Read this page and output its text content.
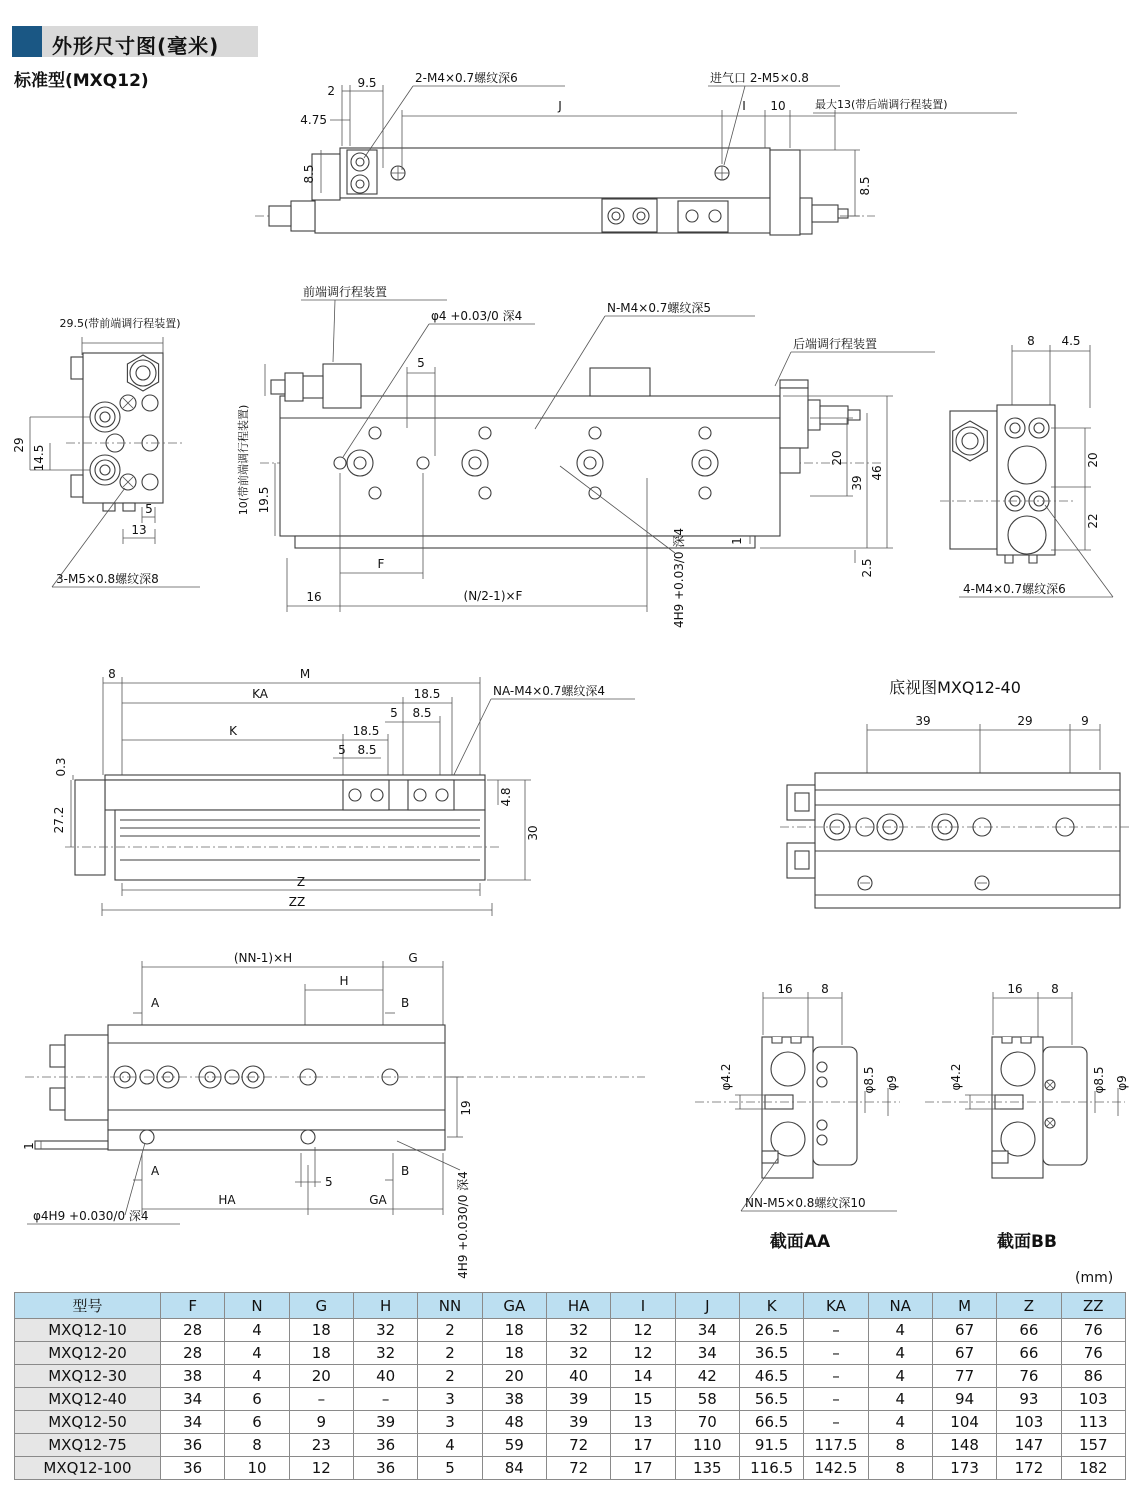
外形尺寸图(毫米)
标准型(MXQ12)	2
9.5
4.75
2-M4×0.7螺纹深6
J
进气口 2-M5×0.8
I 10	最大13(带后端调行程装置)
8.5
8.5
29.5(带前端调行程装置)
29 14.5
5
13
3-M5×0.8螺纹深8
前端调行程装置
φ4 +0.03/0 深4
5
N-M4×0.7螺纹深5
后端调行程装置
10(带前端调行程装置) 19.5
20
39
46
1
2.5
F
16	(N/2-1)×F	4H9 +0.03/0 深4
8 4.5
20
22
4-M4×0.7螺纹深6
8	M
KA	18.5
5 8.5
K	18.5
5 8.5
NA-M4×0.7螺纹深4
4.8
30
0.3
27.2
Z
ZZ
底视图MXQ12-40
39	29	9
(NN-1)×H	G
H
A	B
1
19
A
5
B
HA	GA
φ4H9 +0.030/0 深4	4H9 +0.030/0 深4
16 8
φ4.2	φ8.5 φ9
NN-M5×0.8螺纹深10
截面AA
16 8
φ4.2	φ8.5 φ9
截面BB
(mm)
型号	F	N	G	H	NN	GA	HA	I	J	K	KA	NA	M	Z	ZZ
MXQ12-10	28	4	18	32	2	18	32	12	34	26.5	–	4	67	66	76
MXQ12-20	28	4	18	32	2	18	32	12	34	36.5	–	4	67	66	76
MXQ12-30	38	4	20	40	2	20	40	14	42	46.5	–	4	77	76	86
MXQ12-40	34	6	–	–	3	38	39	15	58	56.5	–	4	94	93	103
MXQ12-50	34	6	9	39	3	48	39	13	70	66.5	–	4	104	103	113
MXQ12-75	36	8	23	36	4	59	72	17	110	91.5	117.5	8	148	147	157
MXQ12-100	36	10	12	36	5	84	72	17	135	116.5	142.5	8	173	172	182
